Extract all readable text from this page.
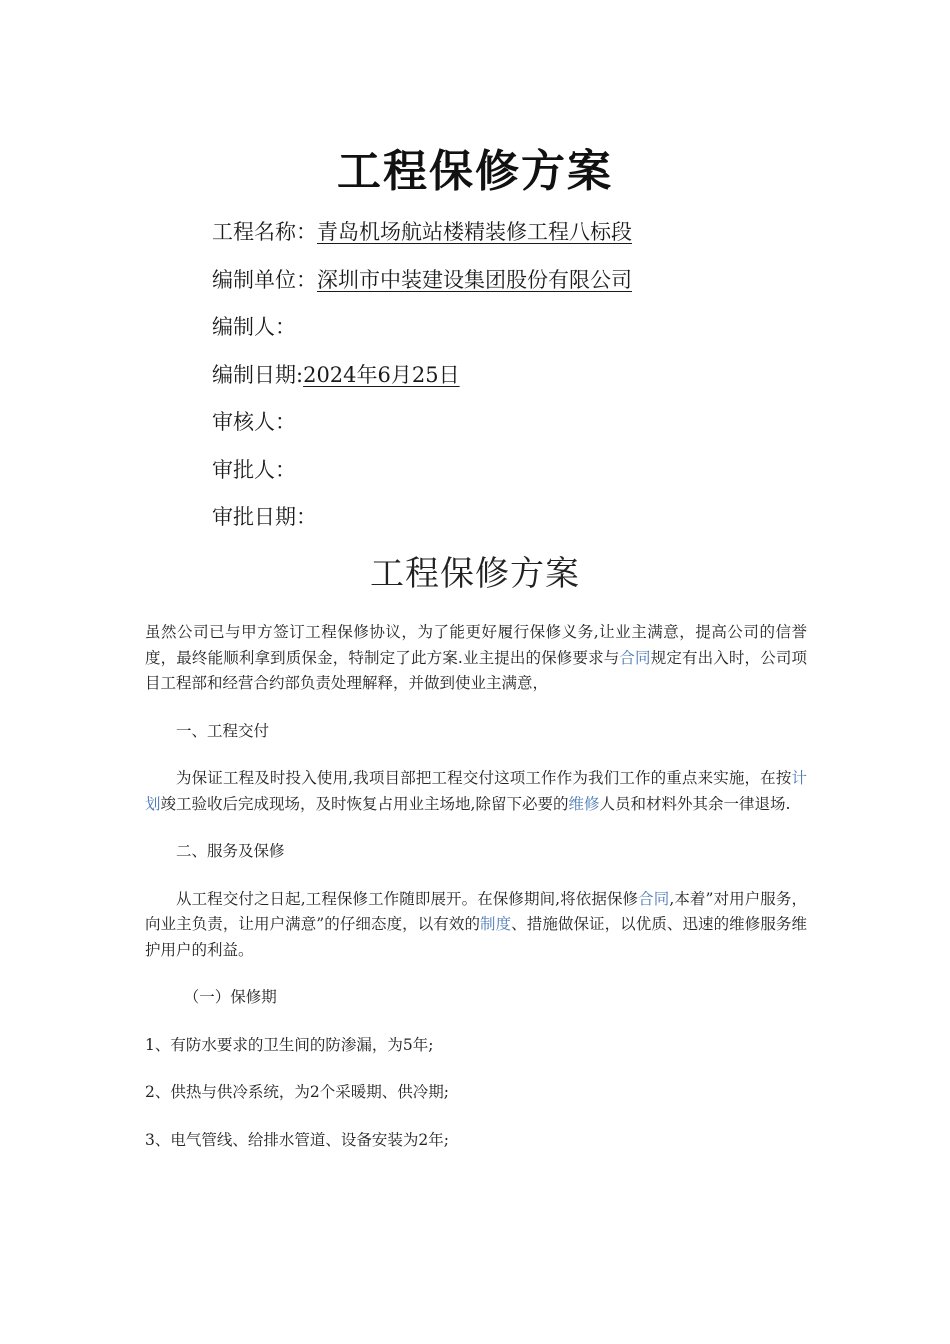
工程保修方案
工程名称：青岛机场航站楼精装修工程八标段
编制单位：深圳市中装建设集团股份有限公司
编制人：
编制日期:2024年6月25日
审核人：
审批人：
审批日期：
工程保修方案

虽然公司已与甲方签订工程保修协议，为了能更好履行保修义务,让业主满意，提高公司的信誉度，最终能顺利拿到质保金，特制定了此方案.业主提出的保修要求与合同规定有出入时，公司项目工程部和经营合约部负责处理解释，并做到使业主满意，

一、工程交付

为保证工程及时投入使用,我项目部把工程交付这项工作作为我们工作的重点来实施，在按计划竣工验收后完成现场，及时恢复占用业主场地,除留下必要的维修人员和材料外其余一律退场.

二、服务及保修

从工程交付之日起,工程保修工作随即展开。在保修期间,将依据保修合同,本着”对用户服务，向业主负责，让用户满意”的仔细态度，以有效的制度、措施做保证，以优质、迅速的维修服务维护用户的利益。

（一）保修期

1、有防水要求的卫生间的防渗漏，为5年;

2、供热与供冷系统，为2个采暖期、供冷期;

3、电气管线、给排水管道、设备安装为2年;
